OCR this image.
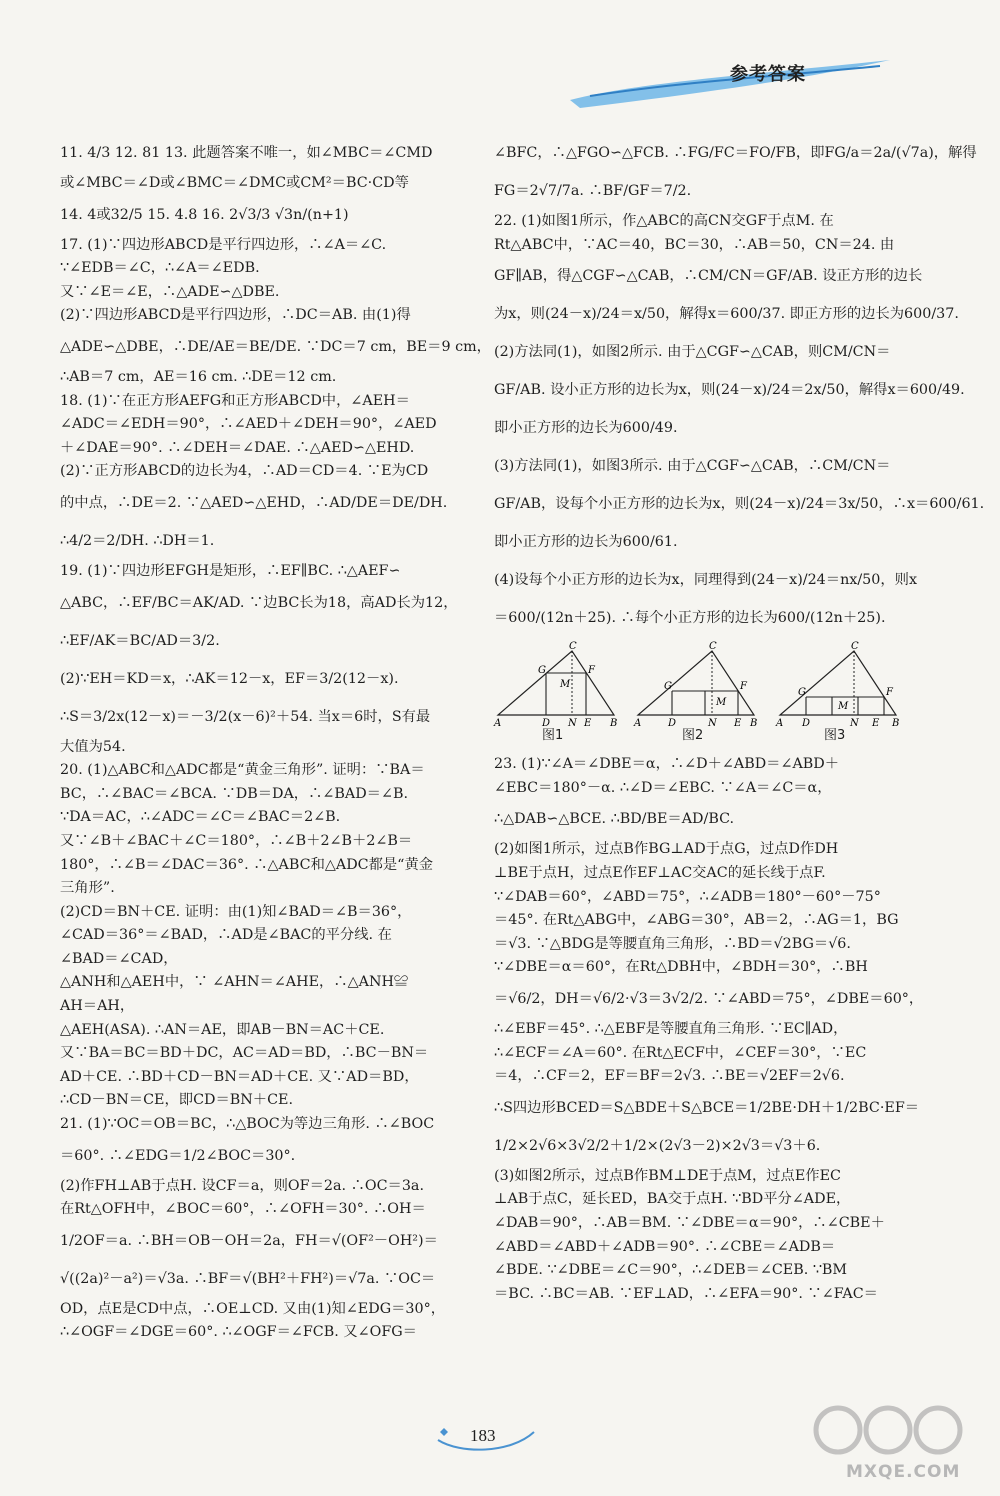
参考答案
11. 4/3 12. 81 13. 此题答案不唯一，如∠MBC＝∠CMD
或∠MBC＝∠D或∠BMC＝∠DMC或CM²＝BC·CD等
14. 4或32/5 15. 4.8 16. 2√3/3 √3n/(n+1)
17. (1)∵四边形ABCD是平行四边形，∴∠A＝∠C.
∵∠EDB＝∠C，∴∠A＝∠EDB.
又∵∠E＝∠E，∴△ADE∽△DBE.
(2)∵四边形ABCD是平行四边形，∴DC＝AB. 由(1)得
△ADE∽△DBE，∴DE/AE＝BE/DE. ∵DC＝7 cm，BE＝9 cm，
∴AB＝7 cm，AE＝16 cm. ∴DE＝12 cm.
18. (1)∵在正方形AEFG和正方形ABCD中，∠AEH＝
∠ADC＝∠EDH＝90°，∴∠AED＋∠DEH＝90°，∠AED
＋∠DAE＝90°. ∴∠DEH＝∠DAE. ∴△AED∽△EHD.
(2)∵正方形ABCD的边长为4，∴AD＝CD＝4. ∵E为CD
的中点，∴DE＝2. ∵△AED∽△EHD，∴AD/DE＝DE/DH.
∴4/2＝2/DH. ∴DH＝1.
19. (1)∵四边形EFGH是矩形，∴EF∥BC. ∴△AEF∽
△ABC，∴EF/BC＝AK/AD. ∵边BC长为18，高AD长为12，
∴EF/AK＝BC/AD＝3/2.
(2)∵EH＝KD＝x，∴AK＝12－x，EF＝3/2(12－x).
∴S＝3/2x(12－x)＝－3/2(x－6)²＋54. 当x＝6时，S有最
大值为54.
20. (1)△ABC和△ADC都是“黄金三角形”. 证明：∵BA＝
BC，∴∠BAC＝∠BCA. ∵DB＝DA，∴∠BAD＝∠B.
∵DA＝AC，∴∠ADC＝∠C＝∠BAC＝2∠B.
又∵∠B＋∠BAC＋∠C＝180°，∴∠B＋2∠B＋2∠B＝
180°，∴∠B＝∠DAC＝36°. ∴△ABC和△ADC都是“黄金
三角形”.
(2)CD＝BN＋CE. 证明：由(1)知∠BAD＝∠B＝36°，
∠CAD＝36°＝∠BAD，∴AD是∠BAC的平分线. 在
∠BAD＝∠CAD，
△ANH和△AEH中，∵ ∠AHN＝∠AHE，∴△ANH≌
AH＝AH，
△AEH(ASA). ∴AN＝AE，即AB－BN＝AC＋CE.
又∵BA＝BC＝BD＋DC，AC＝AD＝BD，∴BC－BN＝
AD＋CE. ∴BD＋CD－BN＝AD＋CE. 又∵AD＝BD，
∴CD－BN＝CE，即CD＝BN＋CE.
21. (1)∵OC＝OB＝BC，∴△BOC为等边三角形. ∴∠BOC
＝60°. ∴∠EDG＝1/2∠BOC＝30°.
(2)作FH⊥AB于点H. 设CF＝a，则OF＝2a. ∴OC＝3a.
在Rt△OFH中，∠BOC＝60°，∴∠OFH＝30°. ∴OH＝
1/2OF＝a. ∴BH＝OB－OH＝2a，FH＝√(OF²－OH²)＝
√((2a)²－a²)＝√3a. ∴BF＝√(BH²＋FH²)＝√7a. ∵OC＝
OD，点E是CD中点，∴OE⊥CD. 又由(1)知∠EDG＝30°，
∴∠OGF＝∠DGE＝60°. ∴∠OGF＝∠FCB. 又∠OFG＝
∠BFC，∴△FGO∽△FCB. ∴FG/FC＝FO/FB，即FG/a＝2a/(√7a)，解得
FG＝2√7/7a. ∴BF/GF＝7/2.
22. (1)如图1所示，作△ABC的高CN交GF于点M. 在
Rt△ABC中，∵AC＝40，BC＝30，∴AB＝50，CN＝24. 由
GF∥AB，得△CGF∽△CAB，∴CM/CN＝GF/AB. 设正方形的边长
为x，则(24－x)/24＝x/50，解得x＝600/37. 即正方形的边长为600/37.
(2)方法同(1)，如图2所示. 由于△CGF∽△CAB，则CM/CN＝
GF/AB. 设小正方形的边长为x，则(24－x)/24＝2x/50，解得x＝600/49.
即小正方形的边长为600/49.
(3)方法同(1)，如图3所示. 由于△CGF∽△CAB，∴CM/CN＝
GF/AB，设每个小正方形的边长为x，则(24－x)/24＝3x/50，∴x＝600/61.
即小正方形的边长为600/61.
(4)设每个小正方形的边长为x，同理得到(24－x)/24＝nx/50，则x
＝600/(12n＋25). ∴每个小正方形的边长为600/(12n＋25).
C
G	F
M
A	D N E B
C
G	F
M
A	D	N E B
C
G	F
M
A D	N E B
图1	图2	图3
23. (1)∵∠A＝∠DBE＝α，∴∠D＋∠ABD＝∠ABD＋
∠EBC＝180°－α. ∴∠D＝∠EBC. ∵∠A＝∠C＝α，
∴△DAB∽△BCE. ∴BD/BE＝AD/BC.
(2)如图1所示，过点B作BG⊥AD于点G，过点D作DH
⊥BE于点H，过点E作EF⊥AC交AC的延长线于点F.
∵∠DAB＝60°，∠ABD＝75°，∴∠ADB＝180°－60°－75°
＝45°. 在Rt△ABG中，∠ABG＝30°，AB＝2，∴AG＝1，BG
＝√3. ∵△BDG是等腰直角三角形，∴BD＝√2BG＝√6.
∵∠DBE＝α＝60°，在Rt△DBH中，∠BDH＝30°，∴BH
＝√6/2，DH＝√6/2·√3＝3√2/2. ∵∠ABD＝75°，∠DBE＝60°，
∴∠EBF＝45°. ∴△EBF是等腰直角三角形. ∵EC∥AD，
∴∠ECF＝∠A＝60°. 在Rt△ECF中，∠CEF＝30°，∵EC
＝4，∴CF＝2，EF＝BF＝2√3. ∴BE＝√2EF＝2√6.
∴S四边形BCED＝S△BDE＋S△BCE＝1/2BE·DH＋1/2BC·EF＝
1/2×2√6×3√2/2＋1/2×(2√3－2)×2√3＝√3＋6.
(3)如图2所示，过点B作BM⊥DE于点M，过点E作EC
⊥AB于点C，延长ED，BA交于点H. ∵BD平分∠ADE，
∠DAB＝90°，∴AB＝BM. ∵∠DBE＝α＝90°，∴∠CBE＋
∠ABD＝∠ABD＋∠ADB＝90°. ∴∠CBE＝∠ADB＝
∠BDE. ∵∠DBE＝∠C＝90°，∴∠DEB＝∠CEB. ∵BM
＝BC. ∴BC＝AB. ∵EF⊥AD，∴∠EFA＝90°. ∵∠FAC＝
183
MXQE.COM
